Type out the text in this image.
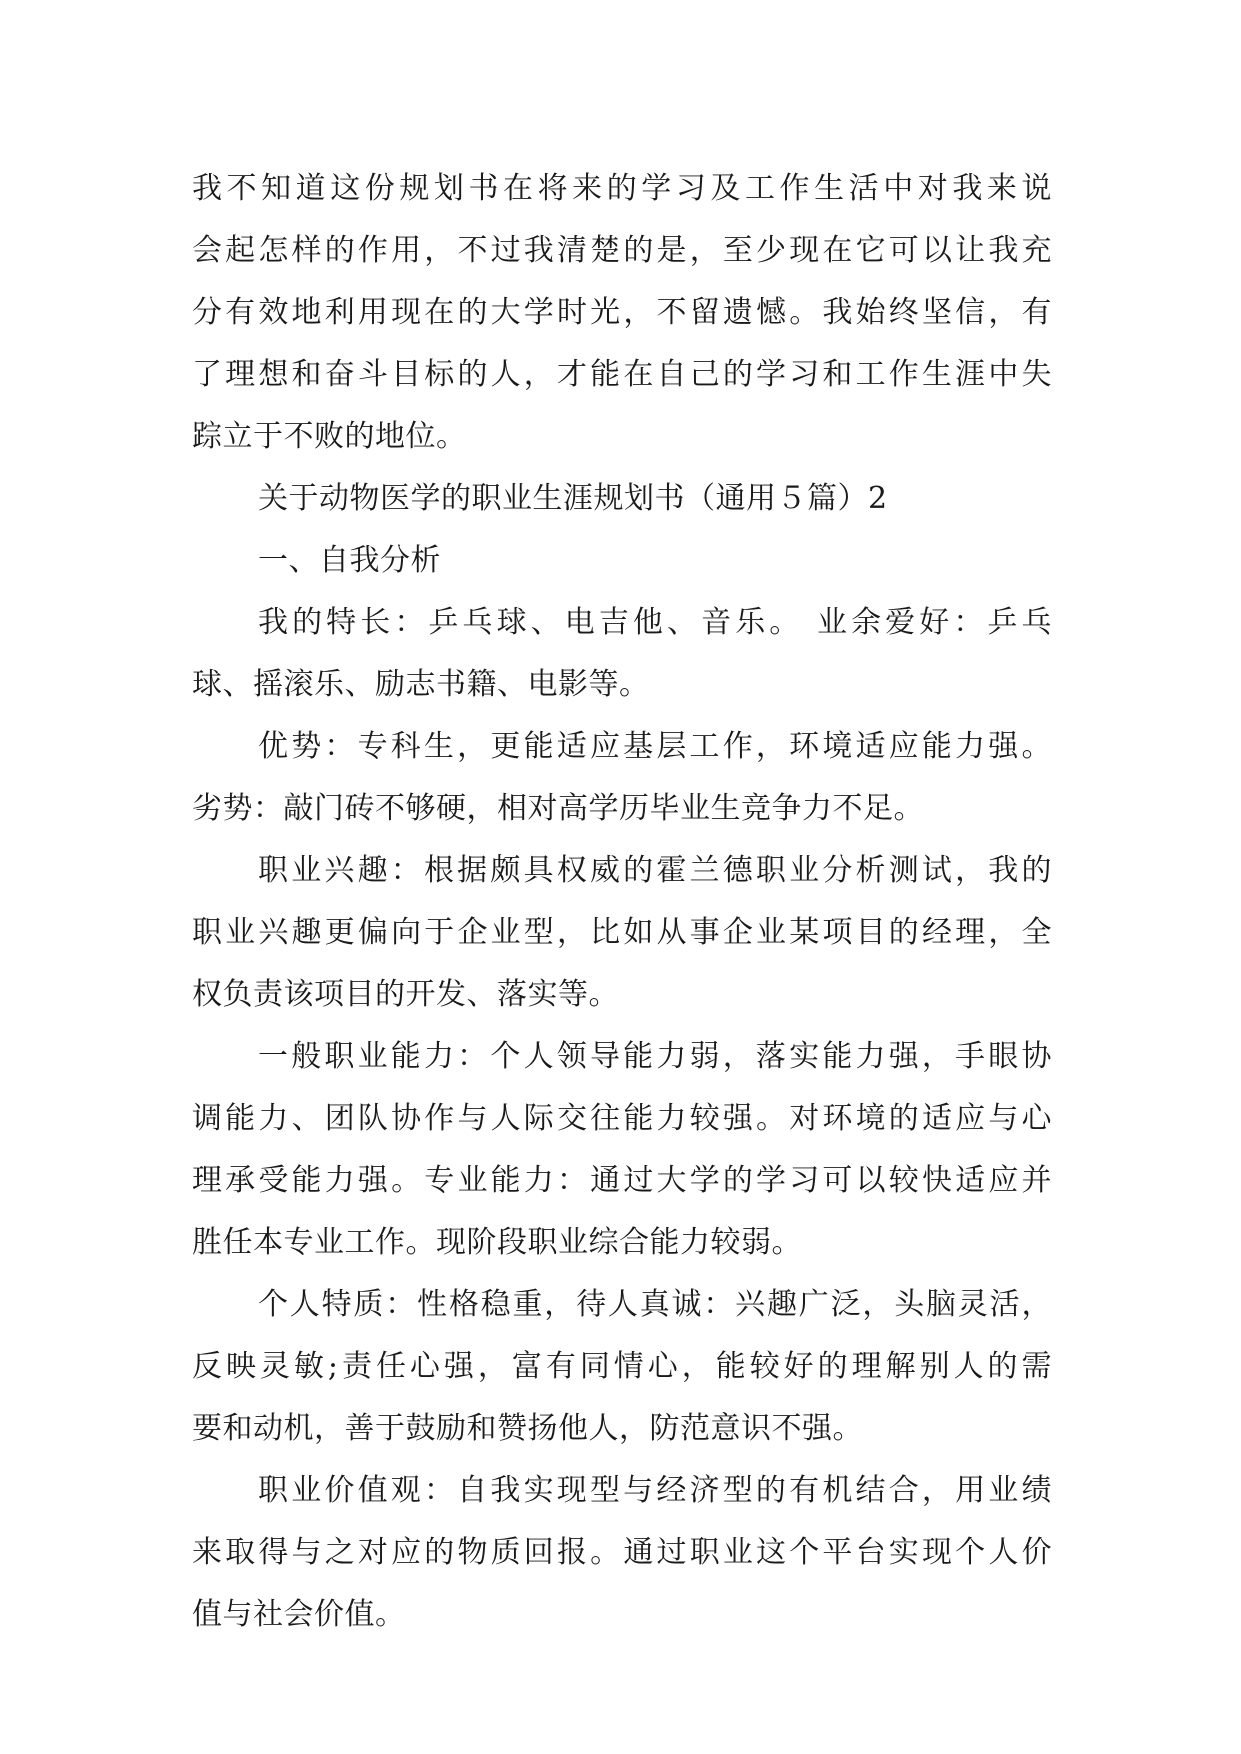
我不知道这份规划书在将来的学习及工作生活中对我来说
会起怎样的作用，不过我清楚的是，至少现在它可以让我充
分有效地利用现在的大学时光，不留遗憾。我始终坚信，有
了理想和奋斗目标的人，才能在自己的学习和工作生涯中失
踪立于不败的地位。
关于动物医学的职业生涯规划书（通用５篇）2
一、自我分析
我的特长：乒乓球、电吉他、音乐。 业余爱好：乒乓
球、摇滚乐、励志书籍、电影等。
优势：专科生，更能适应基层工作，环境适应能力强。
劣势：敲门砖不够硬，相对高学历毕业生竞争力不足。
职业兴趣：根据颇具权威的霍兰德职业分析测试，我的
职业兴趣更偏向于企业型，比如从事企业某项目的经理，全
权负责该项目的开发、落实等。
一般职业能力：个人领导能力弱，落实能力强，手眼协
调能力、团队协作与人际交往能力较强。对环境的适应与心
理承受能力强。专业能力：通过大学的学习可以较快适应并
胜任本专业工作。现阶段职业综合能力较弱。
个人特质：性格稳重，待人真诚：兴趣广泛，头脑灵活，
反映灵敏;责任心强，富有同情心，能较好的理解别人的需
要和动机，善于鼓励和赞扬他人，防范意识不强。
职业价值观：自我实现型与经济型的有机结合，用业绩
来取得与之对应的物质回报。通过职业这个平台实现个人价
值与社会价值。
